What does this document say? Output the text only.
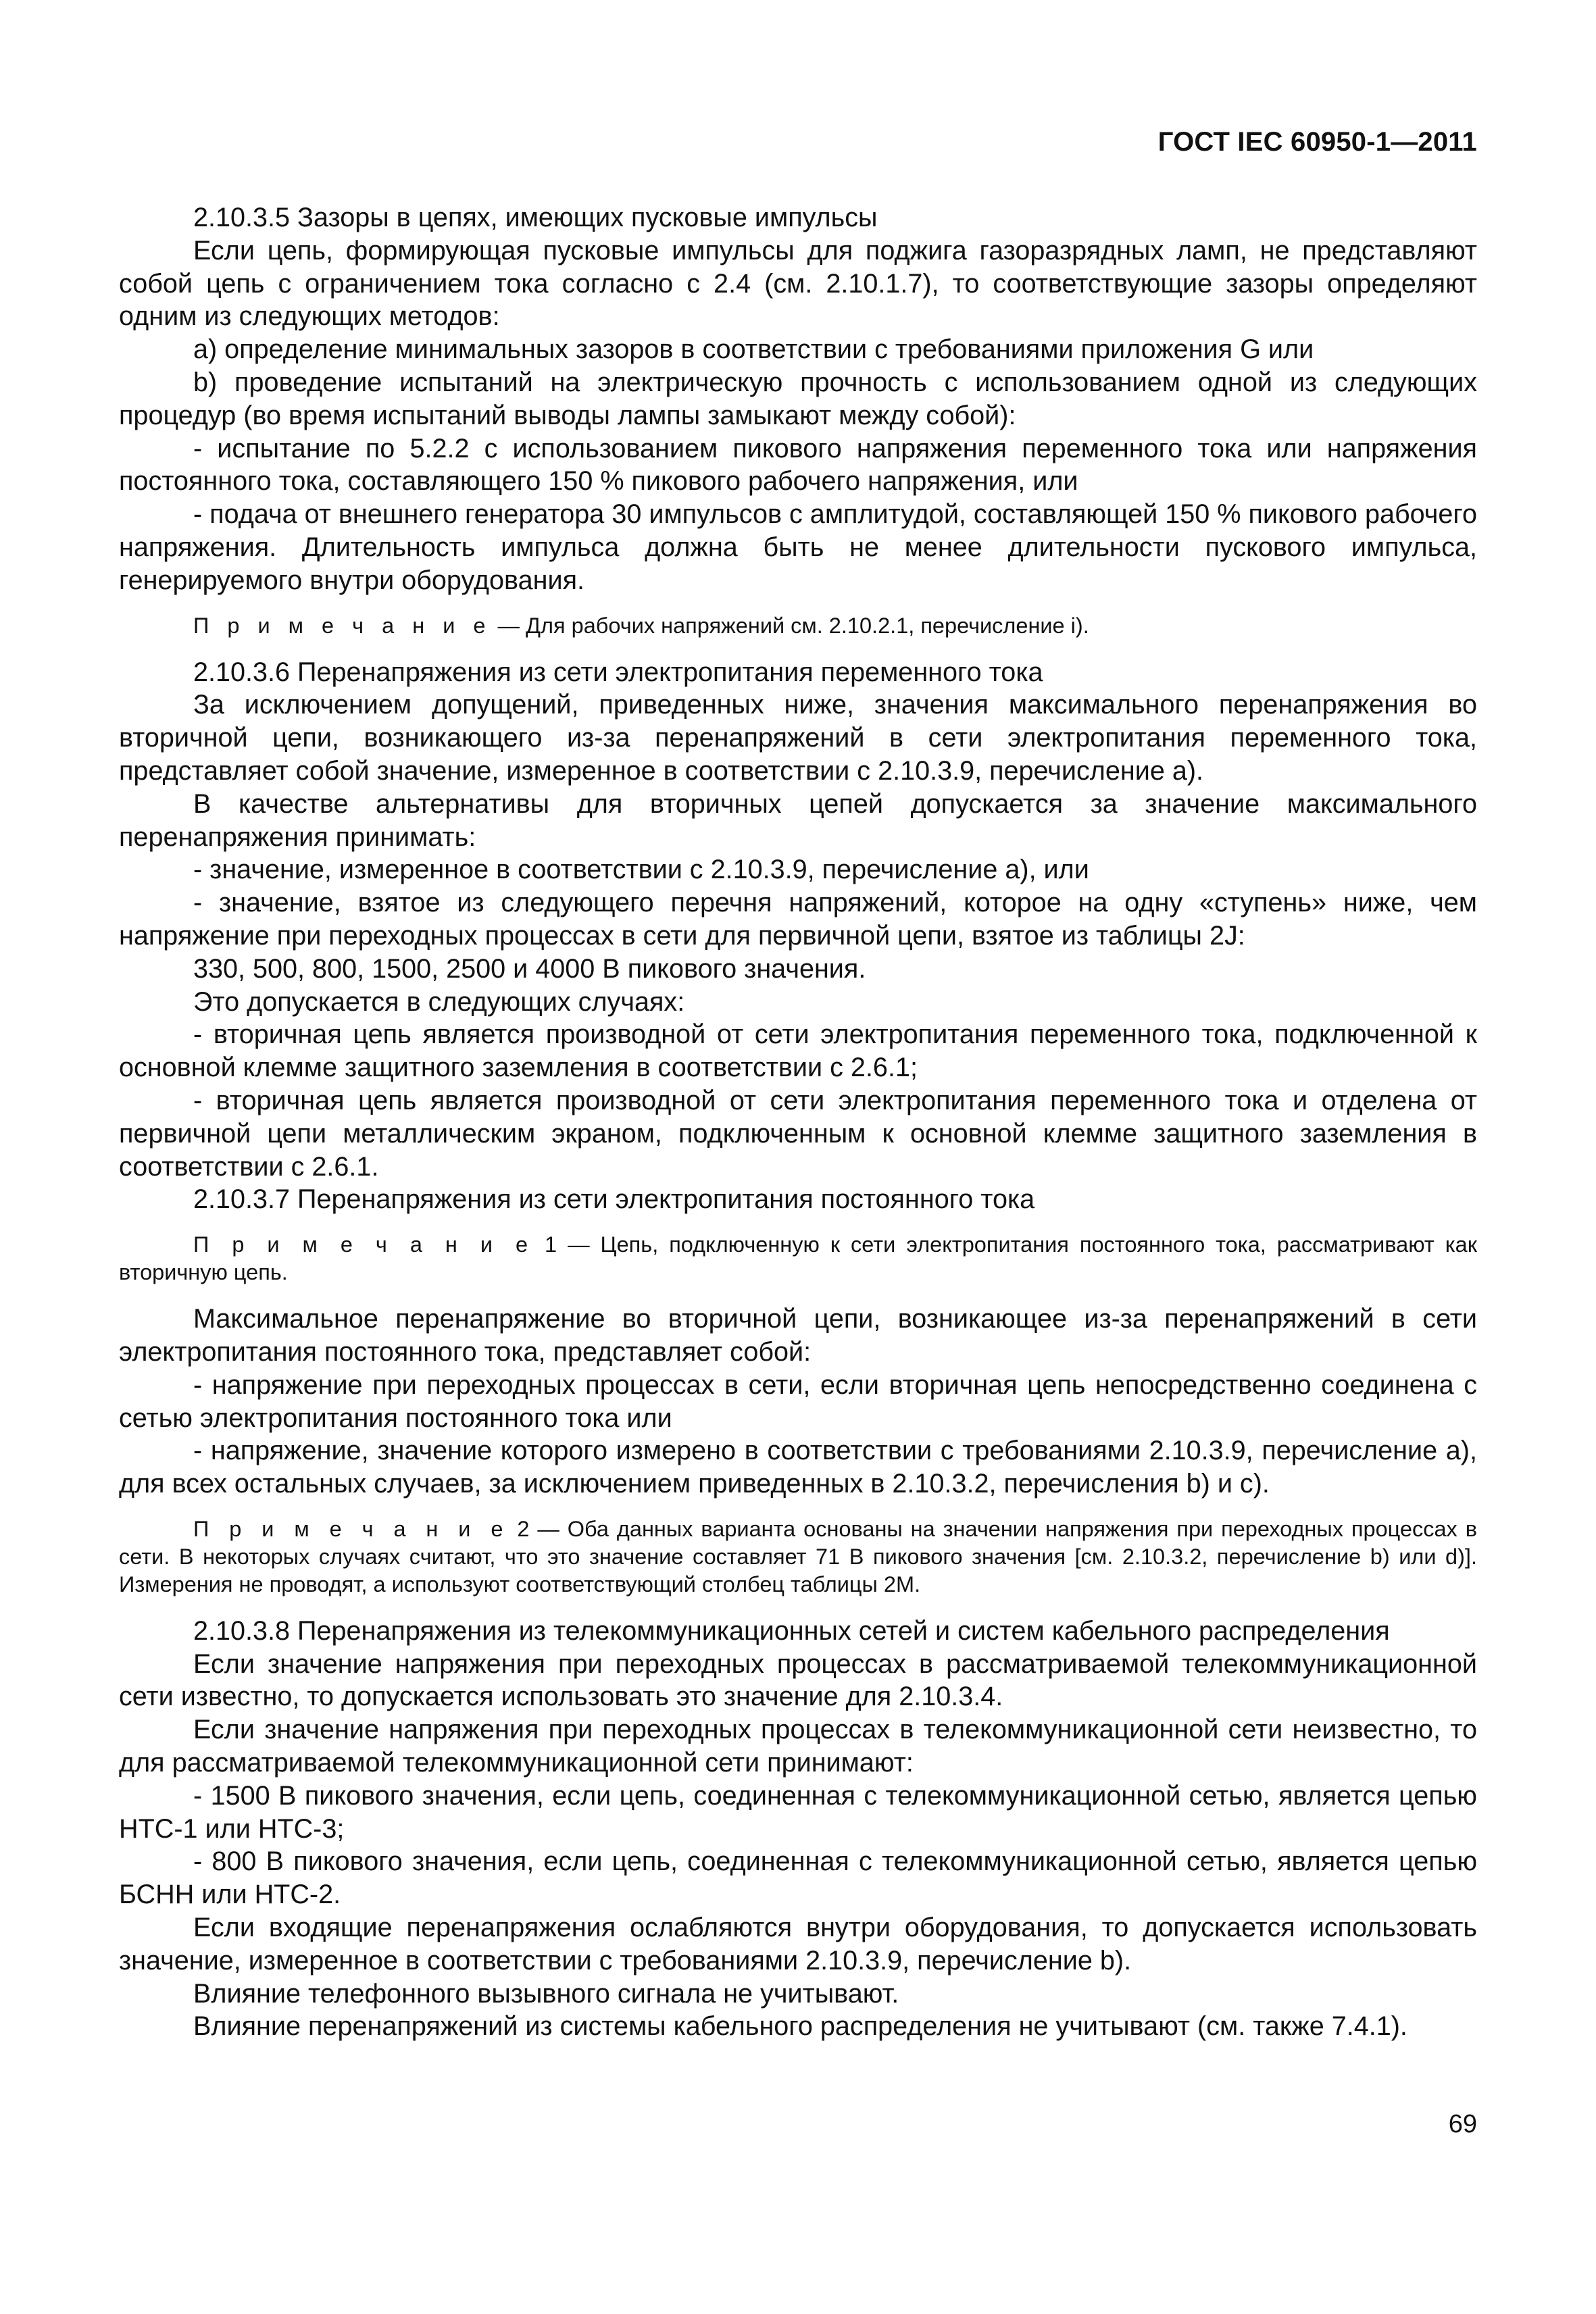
ГОСТ IEC 60950-1—2011

2.10.3.5 Зазоры в цепях, имеющих пусковые импульсы

Если цепь, формирующая пусковые импульсы для поджига газоразрядных ламп, не представляют собой цепь с ограничением тока согласно с 2.4 (см. 2.10.1.7), то соответствующие зазоры определяют одним из следующих методов:

a) определение минимальных зазоров в соответствии с требованиями приложения G или

b) проведение испытаний на электрическую прочность с использованием одной из следующих процедур (во время испытаний выводы лампы замыкают между собой):

- испытание по 5.2.2 с использованием пикового напряжения переменного тока или напряжения постоянного тока, составляющего 150 % пикового рабочего напряжения, или

- подача от внешнего генератора 30 импульсов с амплитудой, составляющей 150 % пикового рабочего напряжения. Длительность импульса должна быть не менее длительности пускового импульса, генерируемого внутри оборудования.

П р и м е ч а н и е — Для рабочих напряжений см. 2.10.2.1, перечисление i).

2.10.3.6 Перенапряжения из сети электропитания переменного тока

За исключением допущений, приведенных ниже, значения максимального перенапряжения во вторичной цепи, возникающего из-за перенапряжений в сети электропитания переменного тока, представляет собой значение, измеренное в соответствии с 2.10.3.9, перечисление a).

В качестве альтернативы для вторичных цепей допускается за значение максимального перенапряжения принимать:

- значение, измеренное в соответствии с 2.10.3.9, перечисление a), или

- значение, взятое из следующего перечня напряжений, которое на одну «ступень» ниже, чем напряжение при переходных процессах в сети для первичной цепи, взятое из таблицы 2J:

330, 500, 800, 1500, 2500 и 4000 В пикового значения.

Это допускается в следующих случаях:

- вторичная цепь является производной от сети электропитания переменного тока, подключенной к основной клемме защитного заземления в соответствии с 2.6.1;

- вторичная цепь является производной от сети электропитания переменного тока и отделена от первичной цепи металлическим экраном, подключенным к основной клемме защитного заземления в соответствии с 2.6.1.

2.10.3.7 Перенапряжения из сети электропитания постоянного тока

П р и м е ч а н и е 1 — Цепь, подключенную к сети электропитания постоянного тока, рассматривают как вторичную цепь.

Максимальное перенапряжение во вторичной цепи, возникающее из-за перенапряжений в сети электропитания постоянного тока, представляет собой:

- напряжение при переходных процессах в сети, если вторичная цепь непосредственно соединена с сетью электропитания постоянного тока или

- напряжение, значение которого измерено в соответствии с требованиями 2.10.3.9, перечисление a), для всех остальных случаев, за исключением приведенных в 2.10.3.2, перечисления b) и c).

П р и м е ч а н и е 2 — Оба данных варианта основаны на значении напряжения при переходных процессах в сети. В некоторых случаях считают, что это значение составляет 71 В пикового значения [см. 2.10.3.2, перечисление b) или d)]. Измерения не проводят, а используют соответствующий столбец таблицы 2M.

2.10.3.8 Перенапряжения из телекоммуникационных сетей и систем кабельного распределения

Если значение напряжения при переходных процессах в рассматриваемой телекоммуникационной сети известно, то допускается использовать это значение для 2.10.3.4.

Если значение напряжения при переходных процессах в телекоммуникационной сети неизвестно, то для рассматриваемой телекоммуникационной сети принимают:

- 1500 В пикового значения, если цепь, соединенная с телекоммуникационной сетью, является цепью НТС-1 или НТС-3;

- 800 В пикового значения, если цепь, соединенная с телекоммуникационной сетью, является цепью БСНН или НТС-2.

Если входящие перенапряжения ослабляются внутри оборудования, то допускается использовать значение, измеренное в соответствии с требованиями 2.10.3.9, перечисление b).

Влияние телефонного вызывного сигнала не учитывают.

Влияние перенапряжений из системы кабельного распределения не учитывают (см. также 7.4.1).

69
